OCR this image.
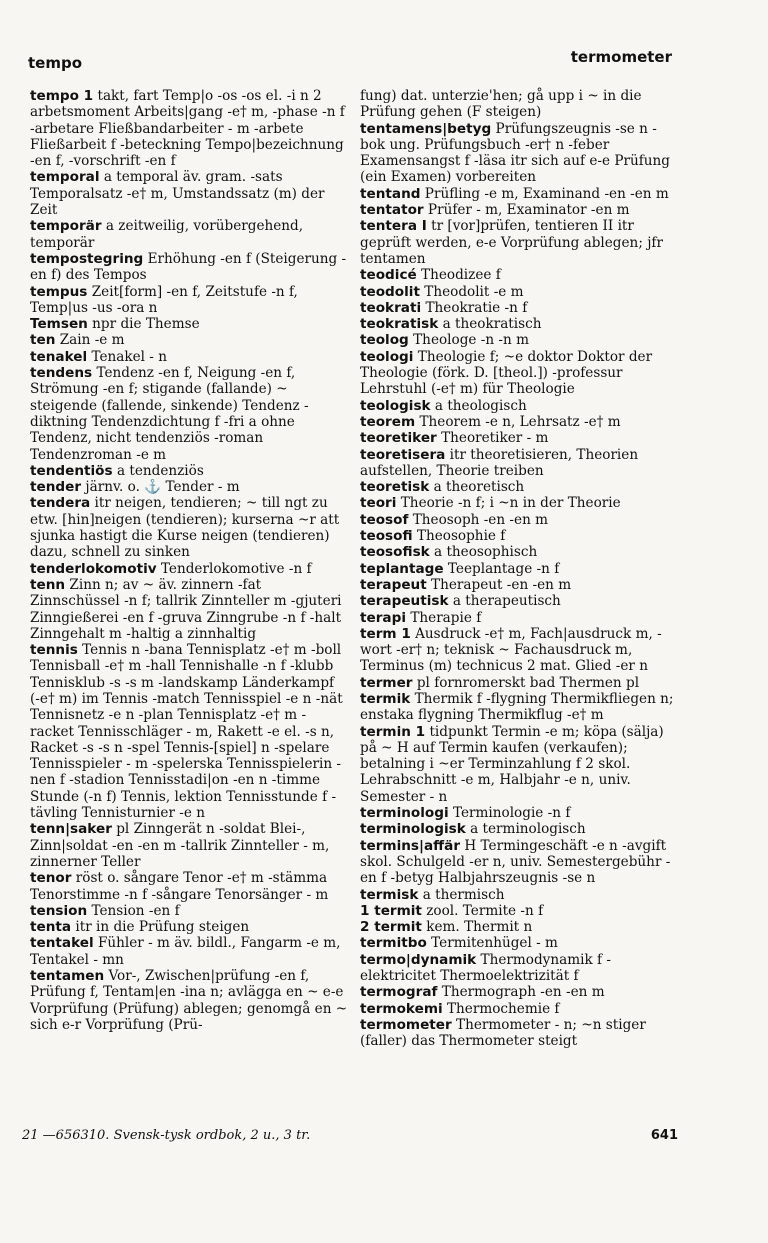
tempo	termometer

tempo 1 takt, fart Temp|o -os -os el. -i n 2 arbetsmoment Arbeits|gang -e† m, -phase -n f -arbetare Fließbandarbeiter - m -arbete Fließarbeit f -beteckning Tempo|bezeichnung -en f, -vorschrift -en f

temporal a temporal äv. gram. -sats Temporalsatz -e† m, Umstandssatz (m) der Zeit

temporär a zeitweilig, vorübergehend, temporär

tempostegring Erhöhung -en f (Steigerung -en f) des Tempos

tempus Zeit[form] -en f, Zeitstufe -n f, Temp|us -us -ora n

Temsen npr die Themse

ten Zain -e m

tenakel Tenakel - n

tendens Tendenz -en f, Neigung -en f, Strömung -en f; stigande (fallande) ~ steigende (fallende, sinkende) Tendenz -diktning Tendenzdichtung f -fri a ohne Tendenz, nicht tendenziös -roman Tendenzroman -e m

tendentiös a tendenziös

tender järnv. o. ⚓ Tender - m

tendera itr neigen, tendieren; ~ till ngt zu etw. [hin]neigen (tendieren); kurserna ~r att sjunka hastigt die Kurse neigen (tendieren) dazu, schnell zu sinken

tenderlokomotiv Tenderlokomotive -n f

tenn Zinn n; av ~ äv. zinnern -fat Zinnschüssel -n f; tallrik Zinnteller m -gjuteri Zinngießerei -en f -gruva Zinngrube -n f -halt Zinngehalt m -haltig a zinnhaltig

tennis Tennis n -bana Tennisplatz -e† m -boll Tennisball -e† m -hall Tennishalle -n f -klubb Tennisklub -s -s m -landskamp Länderkampf (-e† m) im Tennis -match Tennisspiel -e n -nät Tennisnetz -e n -plan Tennisplatz -e† m -racket Tennisschläger - m, Rakett -e el. -s n, Racket -s -s n -spel Tennis-[spiel] n -spelare Tennisspieler - m -spelerska Tennisspielerin -nen f -stadion Tennisstadi|on -en n -timme Stunde (-n f) Tennis, lektion Tennisstunde f -tävling Tennisturnier -e n

tenn|saker pl Zinngerät n -soldat Blei-, Zinn|soldat -en -en m -tallrik Zinnteller - m, zinnerner Teller

tenor röst o. sångare Tenor -e† m -stämma Tenorstimme -n f -sångare Tenorsänger - m

tension Tension -en f

tenta itr in die Prüfung steigen

tentakel Fühler - m äv. bildl., Fangarm -e m, Tentakel - mn

tentamen Vor-, Zwischen|prüfung -en f, Prüfung f, Tentam|en -ina n; avlägga en ~ e-e Vorprüfung (Prüfung) ablegen; genomgå en ~ sich e-r Vorprüfung (Prü-

fung) dat. unterzie'hen; gå upp i ~ in die Prüfung gehen (F steigen)

tentamens|betyg Prüfungszeugnis -se n -bok ung. Prüfungsbuch -er† n -feber Examensangst f -läsa itr sich auf e-e Prüfung (ein Examen) vorbereiten

tentand Prüfling -e m, Examinand -en -en m

tentator Prüfer - m, Examinator -en m

tentera I tr [vor]prüfen, tentieren II itr geprüft werden, e-e Vorprüfung ablegen; jfr tentamen

teodicé Theodizee f

teodolit Theodolit -e m

teokrati Theokratie -n f

teokratisk a theokratisch

teolog Theologe -n -n m

teologi Theologie f; ~e doktor Doktor der Theologie (förk. D. [theol.]) -professur Lehrstuhl (-e† m) für Theologie

teologisk a theologisch

teorem Theorem -e n, Lehrsatz -e† m

teoretiker Theoretiker - m

teoretisera itr theoretisieren, Theorien aufstellen, Theorie treiben

teoretisk a theoretisch

teori Theorie -n f; i ~n in der Theorie

teosof Theosoph -en -en m

teosofi Theosophie f

teosofisk a theosophisch

teplantage Teeplantage -n f

terapeut Therapeut -en -en m

terapeutisk a therapeutisch

terapi Therapie f

term 1 Ausdruck -e† m, Fach|ausdruck m, -wort -er† n; teknisk ~ Fachausdruck m, Terminus (m) technicus 2 mat. Glied -er n

termer pl fornromerskt bad Thermen pl

termik Thermik f -flygning Thermikfliegen n; enstaka flygning Thermikflug -e† m

termin 1 tidpunkt Termin -e m; köpa (sälja) på ~ H auf Termin kaufen (verkaufen); betalning i ~er Terminzahlung f 2 skol. Lehrabschnitt -e m, Halbjahr -e n, univ. Semester - n

terminologi Terminologie -n f

terminologisk a terminologisch

termins|affär H Termingeschäft -e n -avgift skol. Schulgeld -er n, univ. Semestergebühr -en f -betyg Halbjahrszeugnis -se n

termisk a thermisch

1 termit zool. Termite -n f

2 termit kem. Thermit n

termitbo Termitenhügel - m

termo|dynamik Thermodynamik f -elektricitet Thermoelektrizität f

termograf Thermograph -en -en m

termokemi Thermochemie f

termometer Thermometer - n; ~n stiger (faller) das Thermometer steigt

21 —656310. Svensk-tysk ordbok, 2 u., 3 tr.	641
